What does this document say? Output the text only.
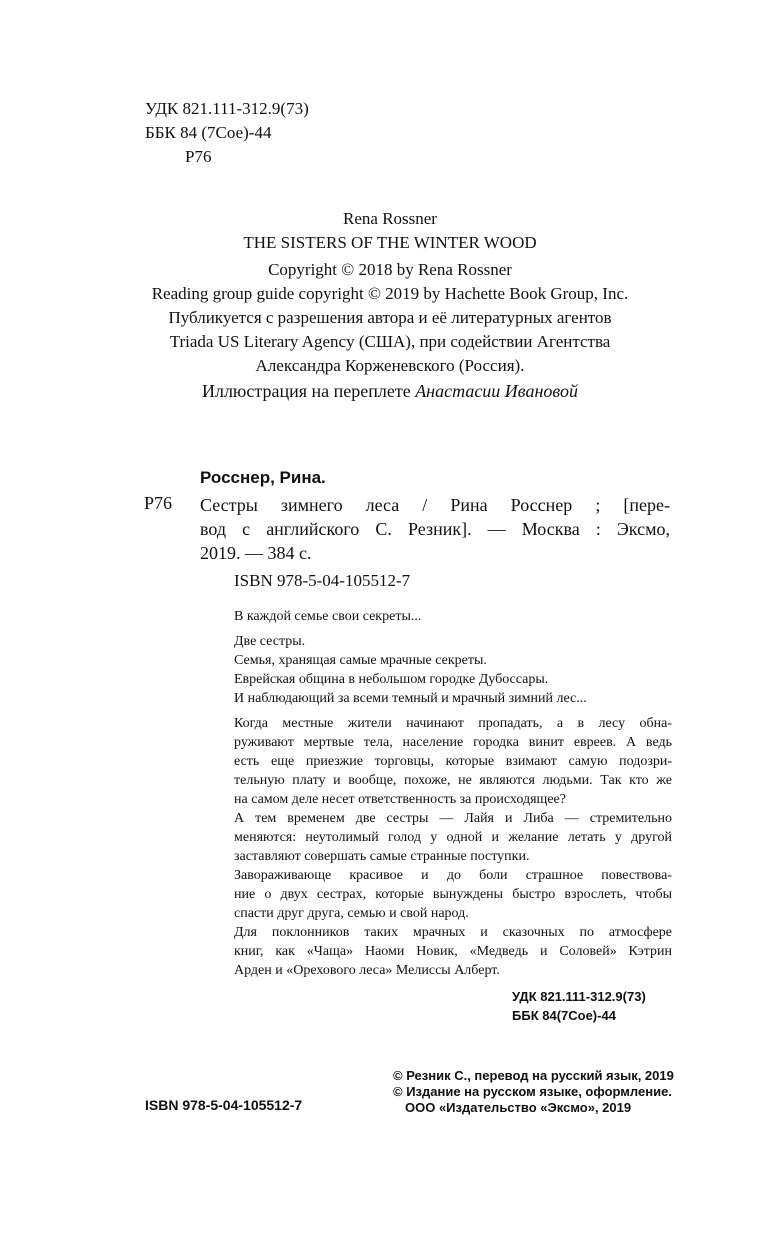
УДК 821.111-312.9(73)
ББК 84 (7Сое)-44
Р76
Rena Rossner
THE SISTERS OF THE WINTER WOOD
Copyright © 2018 by Rena Rossner
Reading group guide copyright © 2019 by Hachette Book Group, Inc.
Публикуется с разрешения автора и её литературных агентов
Triada US Literary Agency (США), при содействии Агентства
Александра Корженевского (Россия).
Иллюстрация на переплете Анастасии Ивановой
Росснер, Рина.
Р76 Сестры зимнего леса / Рина Росснер ; [пере-
вод с английского С. Резник]. — Москва : Эксмо,
2019. — 384 с.
ISBN 978-5-04-105512-7
В каждой семье свои секреты...
Две сестры.
Семья, хранящая самые мрачные секреты.
Еврейская община в небольшом городке Дубоссары.
И наблюдающий за всеми темный и мрачный зимний лес...
Когда местные жители начинают пропадать, а в лесу обна-
руживают мертвые тела, население городка винит евреев. А ведь
есть еще приезжие торговцы, которые взимают самую подозри-
тельную плату и вообще, похоже, не являются людьми. Так кто же
на самом деле несет ответственность за происходящее?
А тем временем две сестры — Лайя и Либа — стремительно
меняются: неутолимый голод у одной и желание летать у другой
заставляют совершать самые странные поступки.
Завораживающе красивое и до боли страшное повествова-
ние о двух сестрах, которые вынуждены быстро взрослеть, чтобы
спасти друг друга, семью и свой народ.
Для поклонников таких мрачных и сказочных по атмосфере
книг, как «Чаща» Наоми Новик, «Медведь и Соловей» Кэтрин
Арден и «Орехового леса» Мелиссы Алберт.
УДК 821.111-312.9(73)
ББК 84(7Сое)-44
© Резник С., перевод на русский язык, 2019
© Издание на русском языке, оформление.
ООО «Издательство «Эксмо», 2019
ISBN 978-5-04-105512-7
